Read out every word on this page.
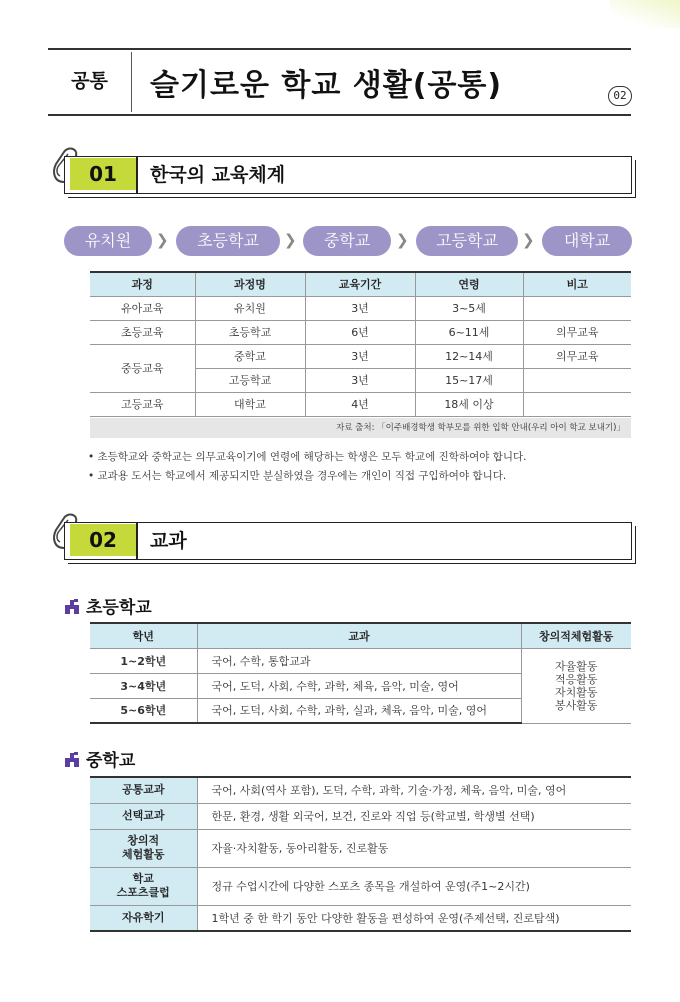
공통	슬기로운 학교 생활(공통)	02
01	한국의 교육체계
유치원	❯	초등학교	❯	중학교	❯	고등학교	❯	대학교
과정	과정명	교육기간	연령	비고
유아교육	유치원	3년	3~5세	
초등교육	초등학교	6년	6~11세	의무교육
중등교육	중학교	3년	12~14세	의무교육
	고등학교	3년	15~17세	
고등교육	대학교	4년	18세 이상	
자료 출처: 「이주배경학생 학부모를 위한 입학 안내(우리 아이 학교 보내기)」
• 초등학교와 중학교는 의무교육이기에 연령에 해당하는 학생은 모두 학교에 진학하여야 합니다.
• 교과용 도서는 학교에서 제공되지만 분실하였을 경우에는 개인이 직접 구입하여야 합니다.
02	교과
초등학교
학년	교과	창의적체험활동
1~2학년	국어, 수학, 통합교과	자율활동
적응활동
자치활동
봉사활동

3~4학년	국어, 도덕, 사회, 수학, 과학, 체육, 음악, 미술, 영어	
5~6학년	국어, 도덕, 사회, 수학, 과학, 실과, 체육, 음악, 미술, 영어	
중학교
공통교과	국어, 사회(역사 포함), 도덕, 수학, 과학, 기술·가정, 체육, 음악, 미술, 영어
선택교과	한문, 환경, 생활 외국어, 보건, 진로와 직업 등(학교별, 학생별 선택)

창의적
체험활동	자율·자치활동, 동아리활동, 진로활동

학교
스포츠클럽	정규 수업시간에 다양한 스포츠 종목을 개설하여 운영(주1~2시간)
자유학기	1학년 중 한 학기 동안 다양한 활동을 편성하여 운영(주제선택, 진로탐색)
